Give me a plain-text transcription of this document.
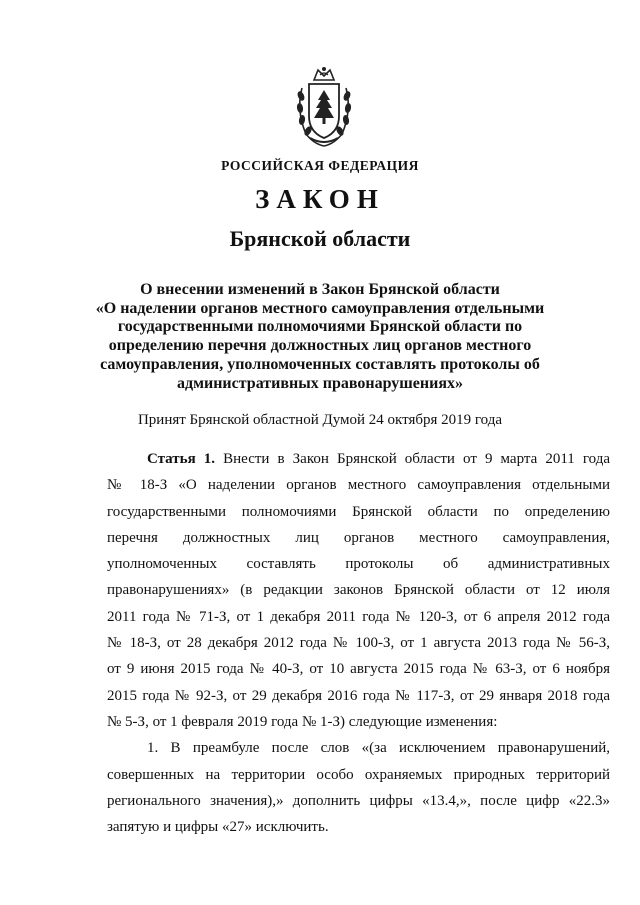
РОССИЙСКАЯ ФЕДЕРАЦИЯ
ЗАКОН
Брянской области
О внесении изменений в Закон Брянской области
«О наделении органов местного самоуправления отдельными
государственными полномочиями Брянской области по
определению перечня должностных лиц органов местного
самоуправления, уполномоченных составлять протоколы об
административных правонарушениях»
Принят Брянской областной Думой 24 октября 2019 года
Статья 1. Внести в Закон Брянской области от 9 марта 2011 года
№ 18-З «О наделении органов местного самоуправления отдельными
государственными полномочиями Брянской области по определению
перечня должностных лиц органов местного самоуправления,
уполномоченных составлять протоколы об административных
правонарушениях» (в редакции законов Брянской области от 12 июля
2011 года № 71-З, от 1 декабря 2011 года № 120-З, от 6 апреля 2012 года
№ 18-З, от 28 декабря 2012 года № 100-З, от 1 августа 2013 года № 56-З,
от 9 июня 2015 года № 40-З, от 10 августа 2015 года № 63-З, от 6 ноября
2015 года № 92-З, от 29 декабря 2016 года № 117-З, от 29 января 2018 года
№ 5-З, от 1 февраля 2019 года № 1-З) следующие изменения:
1. В преамбуле после слов «(за исключением правонарушений,
совершенных на территории особо охраняемых природных территорий
регионального значения),» дополнить цифры «13.4,», после цифр «22.3»
запятую и цифры «27» исключить.
